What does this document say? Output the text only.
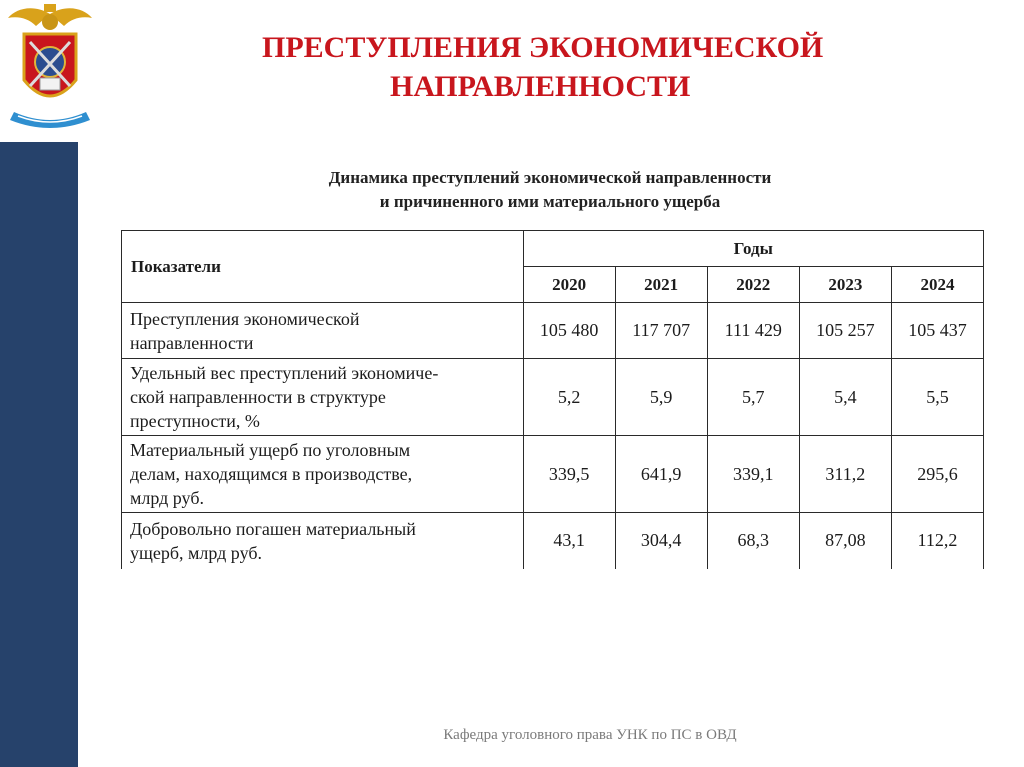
ПРЕСТУПЛЕНИЯ ЭКОНОМИЧЕСКОЙ
НАПРАВЛЕННОСТИ
Динамика преступлений экономической направленности
и причиненного ими материального ущерба
Показатели	Годы				
	2020	2021	2022	2023	2024

Преступления экономической
направленности	105 480	117 707	111 429	105 257	105 437

Удельный вес преступлений экономиче-
ской направленности в структуре
преступности, %	5,2	5,9	5,7	5,4	5,5

Материальный ущерб по уголовным
делам, находящимся в производстве,
млрд руб.	339,5	641,9	339,1	311,2	295,6

Добровольно погашен материальный
ущерб, млрд руб.	43,1	304,4	68,3	87,08	112,2
Кафедра уголовного права УНК по ПС в ОВД
